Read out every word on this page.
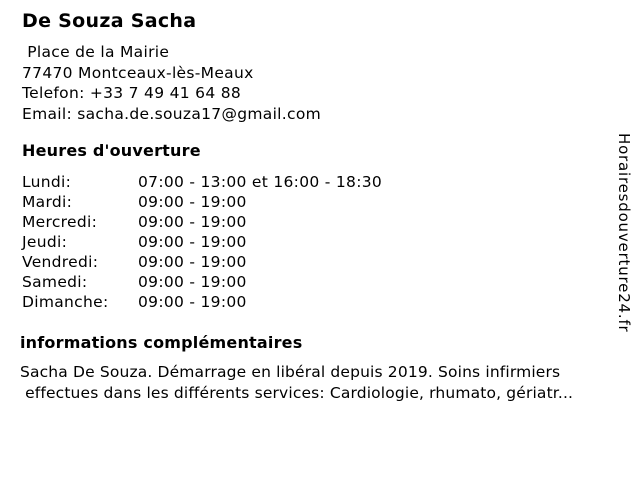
De Souza Sacha
Place de la Mairie
77470 Montceaux-lès-Meaux
Telefon: +33 7 49 41 64 88
Email: sacha.de.souza17@gmail.com
Heures d'ouverture
Lundi:	07:00 - 13:00 et 16:00 - 18:30
Mardi:	09:00 - 19:00
Mercredi:	09:00 - 19:00
Jeudi:	09:00 - 19:00
Vendredi:	09:00 - 19:00
Samedi:	09:00 - 19:00
Dimanche:	09:00 - 19:00
informations complémentaires
Sacha De Souza. Démarrage en libéral depuis 2019. Soins infirmiers
effectues dans les différents services: Cardiologie, rhumato, gériatr...
Horairesdouverture24.fr
